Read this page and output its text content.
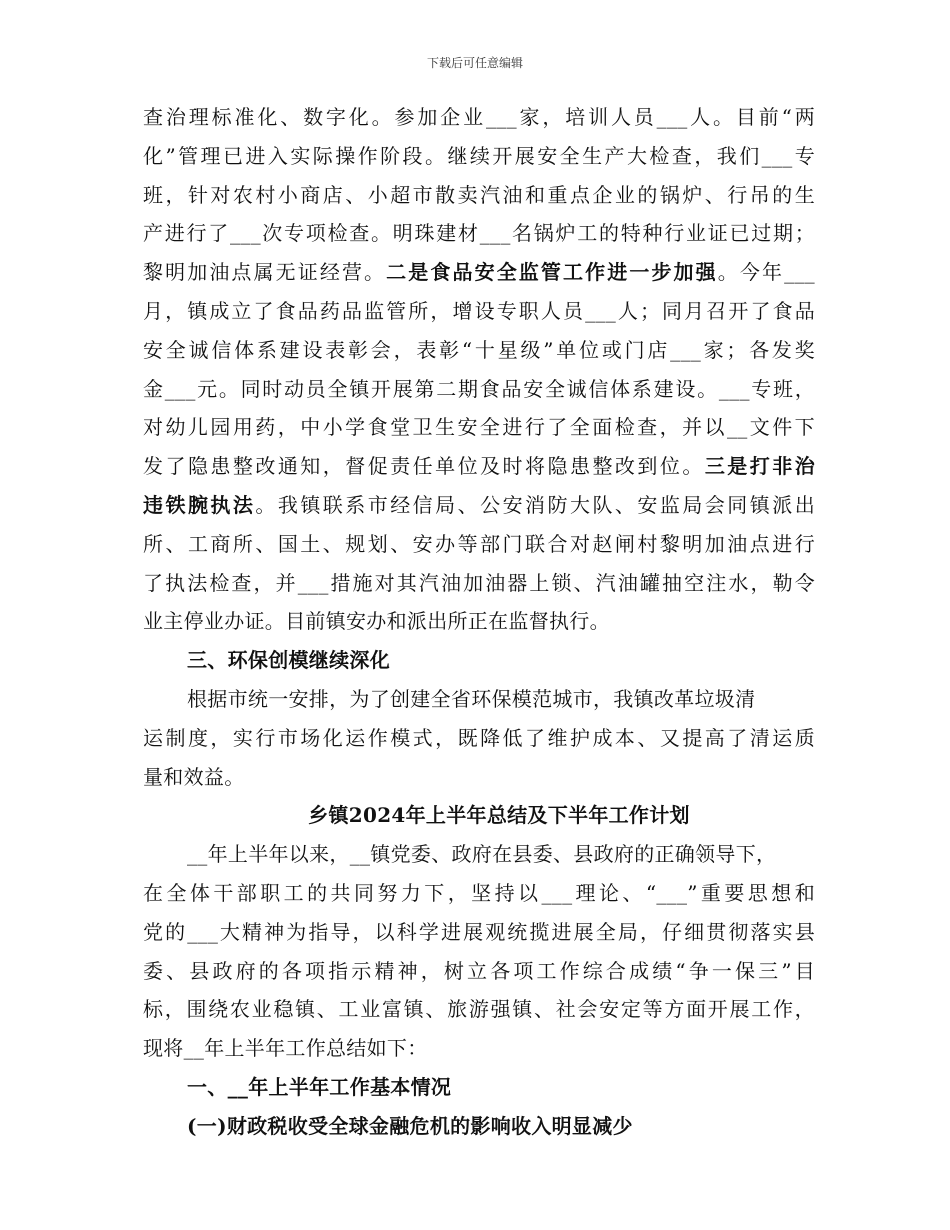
下载后可任意编辑
查治理标准化、数字化。参加企业___家，培训人员___人。目前“两
化”管理已进入实际操作阶段。继续开展安全生产大检查，我们___专
班，针对农村小商店、小超市散卖汽油和重点企业的锅炉、行吊的生
产进行了___次专项检查。明珠建材___名锅炉工的特种行业证已过期；
黎明加油点属无证经营。二是食品安全监管工作进一步加强。今年___
月，镇成立了食品药品监管所，增设专职人员___人；同月召开了食品
安全诚信体系建设表彰会，表彰“十星级”单位或门店___家；各发奖
金___元。同时动员全镇开展第二期食品安全诚信体系建设。___专班，
对幼儿园用药，中小学食堂卫生安全进行了全面检查，并以__文件下
发了隐患整改通知，督促责任单位及时将隐患整改到位。三是打非治
违铁腕执法。我镇联系市经信局、公安消防大队、安监局会同镇派出
所、工商所、国土、规划、安办等部门联合对赵闸村黎明加油点进行
了执法检查，并___措施对其汽油加油器上锁、汽油罐抽空注水，勒令
业主停业办证。目前镇安办和派出所正在监督执行。
三、环保创模继续深化
根据市统一安排，为了创建全省环保模范城市，我镇改革垃圾清
运制度，实行市场化运作模式，既降低了维护成本、又提高了清运质
量和效益。
乡镇2024年上半年总结及下半年工作计划
__年上半年以来，__镇党委、政府在县委、县政府的正确领导下，
在全体干部职工的共同努力下，坚持以___理论、“___”重要思想和
党的___大精神为指导，以科学进展观统揽进展全局，仔细贯彻落实县
委、县政府的各项指示精神，树立各项工作综合成绩“争一保三”目
标，围绕农业稳镇、工业富镇、旅游强镇、社会安定等方面开展工作，
现将__年上半年工作总结如下：
一、__年上半年工作基本情况
(一)财政税收受全球金融危机的影响收入明显减少
